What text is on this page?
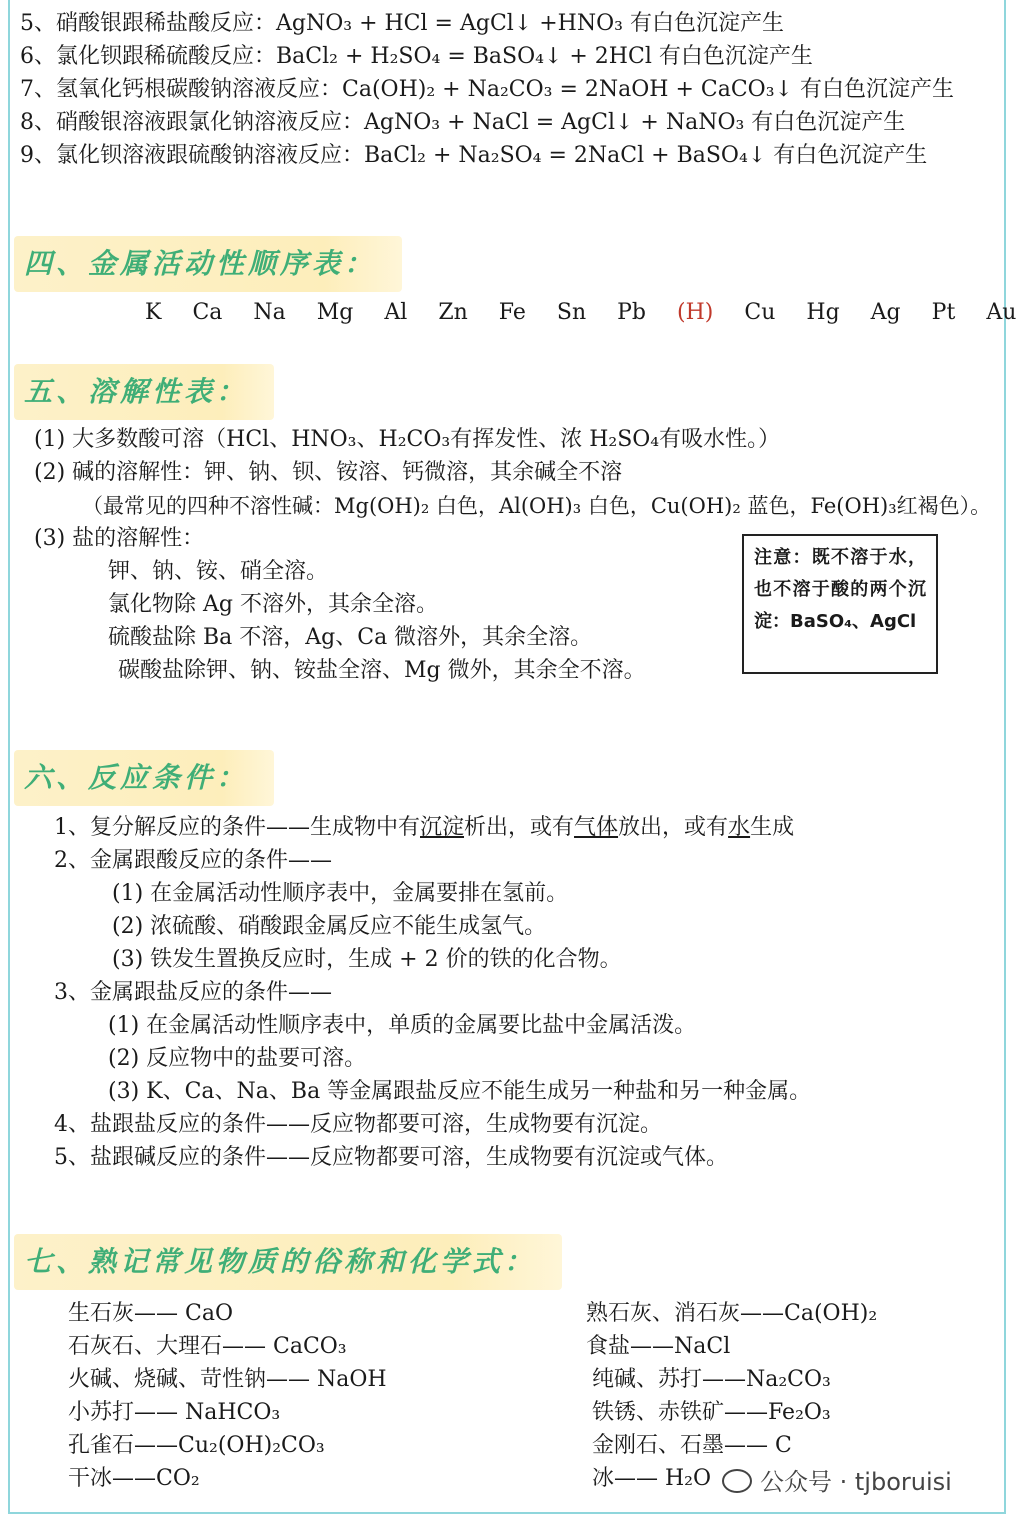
5、硝酸银跟稀盐酸反应：AgNO₃ + HCl = AgCl↓ +HNO₃ 有白色沉淀产生
6、氯化钡跟稀硫酸反应：BaCl₂ + H₂SO₄ = BaSO₄↓ + 2HCl 有白色沉淀产生
7、氢氧化钙根碳酸钠溶液反应：Ca(OH)₂ + Na₂CO₃ = 2NaOH + CaCO₃↓ 有白色沉淀产生
8、硝酸银溶液跟氯化钠溶液反应：AgNO₃ + NaCl = AgCl↓ + NaNO₃ 有白色沉淀产生
9、氯化钡溶液跟硫酸钠溶液反应：BaCl₂ + Na₂SO₄ = 2NaCl + BaSO₄↓ 有白色沉淀产生
四、金属活动性顺序表：
K Ca Na Mg Al Zn Fe Sn Pb (H) Cu Hg Ag Pt Au
五、溶解性表：
(1) 大多数酸可溶（HCl、HNO₃、H₂CO₃有挥发性、浓 H₂SO₄有吸水性。）
(2) 碱的溶解性：钾、钠、钡、铵溶、钙微溶，其余碱全不溶
（最常见的四种不溶性碱：Mg(OH)₂ 白色，Al(OH)₃ 白色，Cu(OH)₂ 蓝色，Fe(OH)₃红褐色）。
(3) 盐的溶解性：
钾、钠、铵、硝全溶。
氯化物除 Ag 不溶外，其余全溶。
硫酸盐除 Ba 不溶，Ag、Ca 微溶外，其余全溶。
碳酸盐除钾、钠、铵盐全溶、Mg 微外，其余全不溶。
注意：既不溶于水，也不溶于酸的两个沉淀：BaSO₄、AgCl
六、反应条件：
1、复分解反应的条件——生成物中有沉淀析出，或有气体放出，或有水生成
2、金属跟酸反应的条件——
(1) 在金属活动性顺序表中，金属要排在氢前。
(2) 浓硫酸、硝酸跟金属反应不能生成氢气。
(3) 铁发生置换反应时，生成 + 2 价的铁的化合物。
3、金属跟盐反应的条件——
(1) 在金属活动性顺序表中，单质的金属要比盐中金属活泼。
(2) 反应物中的盐要可溶。
(3) K、Ca、Na、Ba 等金属跟盐反应不能生成另一种盐和另一种金属。
4、盐跟盐反应的条件——反应物都要可溶，生成物要有沉淀。
5、盐跟碱反应的条件——反应物都要可溶，生成物要有沉淀或气体。
七、熟记常见物质的俗称和化学式：
生石灰—— CaO
石灰石、大理石—— CaCO₃
火碱、烧碱、苛性钠—— NaOH
小苏打—— NaHCO₃
孔雀石——Cu₂(OH)₂CO₃
干冰——CO₂
熟石灰、消石灰——Ca(OH)₂
食盐——NaCl
纯碱、苏打——Na₂CO₃
铁锈、赤铁矿——Fe₂O₃
金刚石、石墨—— C
冰—— H₂O	公众号 · tjboruisi
